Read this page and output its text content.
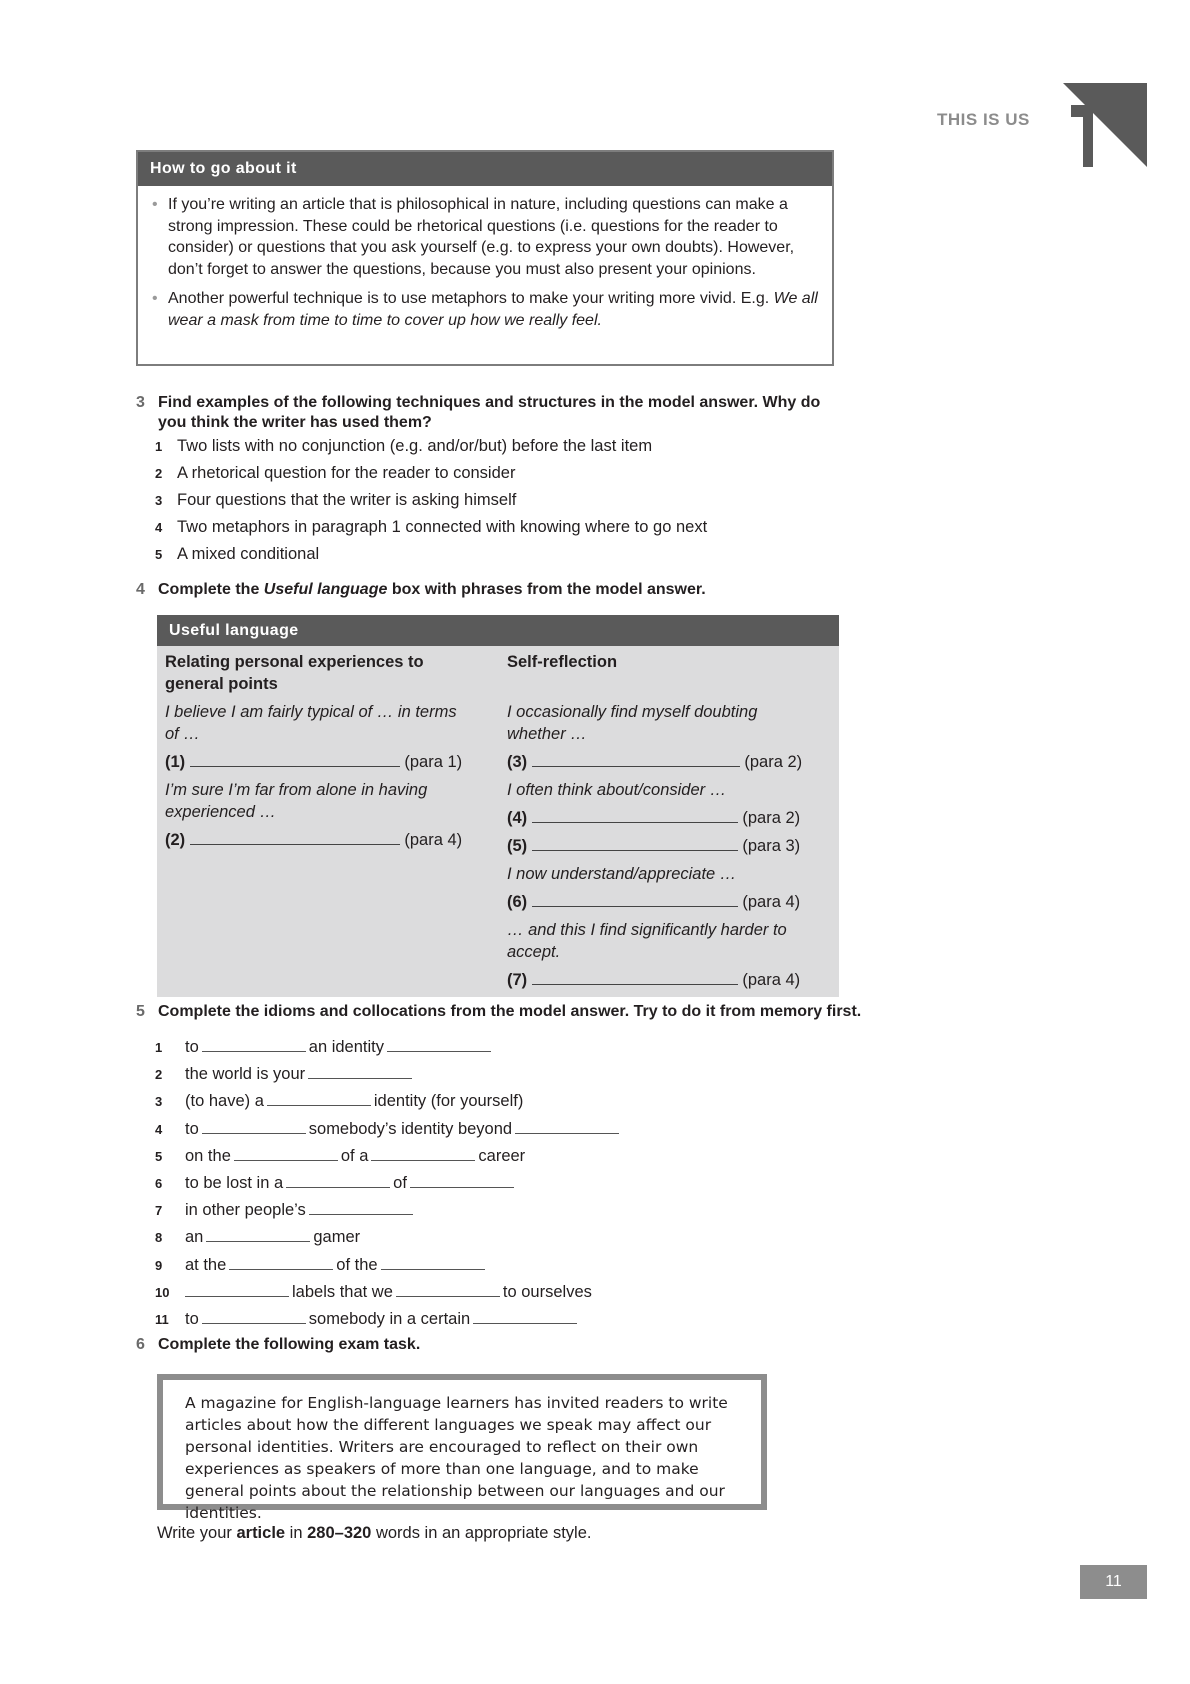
THIS IS US
How to go about it
• If you’re writing an article that is philosophical in nature, including questions can make a strong impression. These could be rhetorical questions (i.e. questions for the reader to consider) or questions that you ask yourself (e.g. to express your own doubts). However, don’t forget to answer the questions, because you must also present your opinions.
• Another powerful technique is to use metaphors to make your writing more vivid. E.g. We all wear a mask from time to time to cover up how we really feel.
3 Find examples of the following techniques and structures in the model answer. Why do you think the writer has used them?
1 Two lists with no conjunction (e.g. and/or/but) before the last item
2 A rhetorical question for the reader to consider
3 Four questions that the writer is asking himself
4 Two metaphors in paragraph 1 connected with knowing where to go next
5 A mixed conditional
4 Complete the Useful language box with phrases from the model answer.
Useful language
Relating personal experiences to general points
I believe I am fairly typical of … in terms of …
(1)	(para 1)
I’m sure I’m far from alone in having experienced …
(2)	(para 4)
Self-reflection
I occasionally find myself doubting whether …
(3)	(para 2)
I often think about/consider …
(4)	(para 2)
(5)	(para 3)
I now understand/appreciate …
(6)	(para 4)
… and this I find significantly harder to accept.
(7)	(para 4)
5 Complete the idioms and collocations from the model answer. Try to do it from memory first.
1 to	an identity
2 the world is your
3 (to have) a	identity (for yourself)
4 to	somebody’s identity beyond
5 on the	of a	career
6 to be lost in a	of
7 in other people’s
8 an	gamer
9 at the	of the
10	labels that we	to ourselves
11 to	somebody in a certain
6 Complete the following exam task.
A magazine for English-language learners has invited readers to write articles about how the different languages we speak may affect our personal identities. Writers are encouraged to reflect on their own experiences as speakers of more than one language, and to make general points about the relationship between our languages and our identities.
Write your article in 280–320 words in an appropriate style.
11
